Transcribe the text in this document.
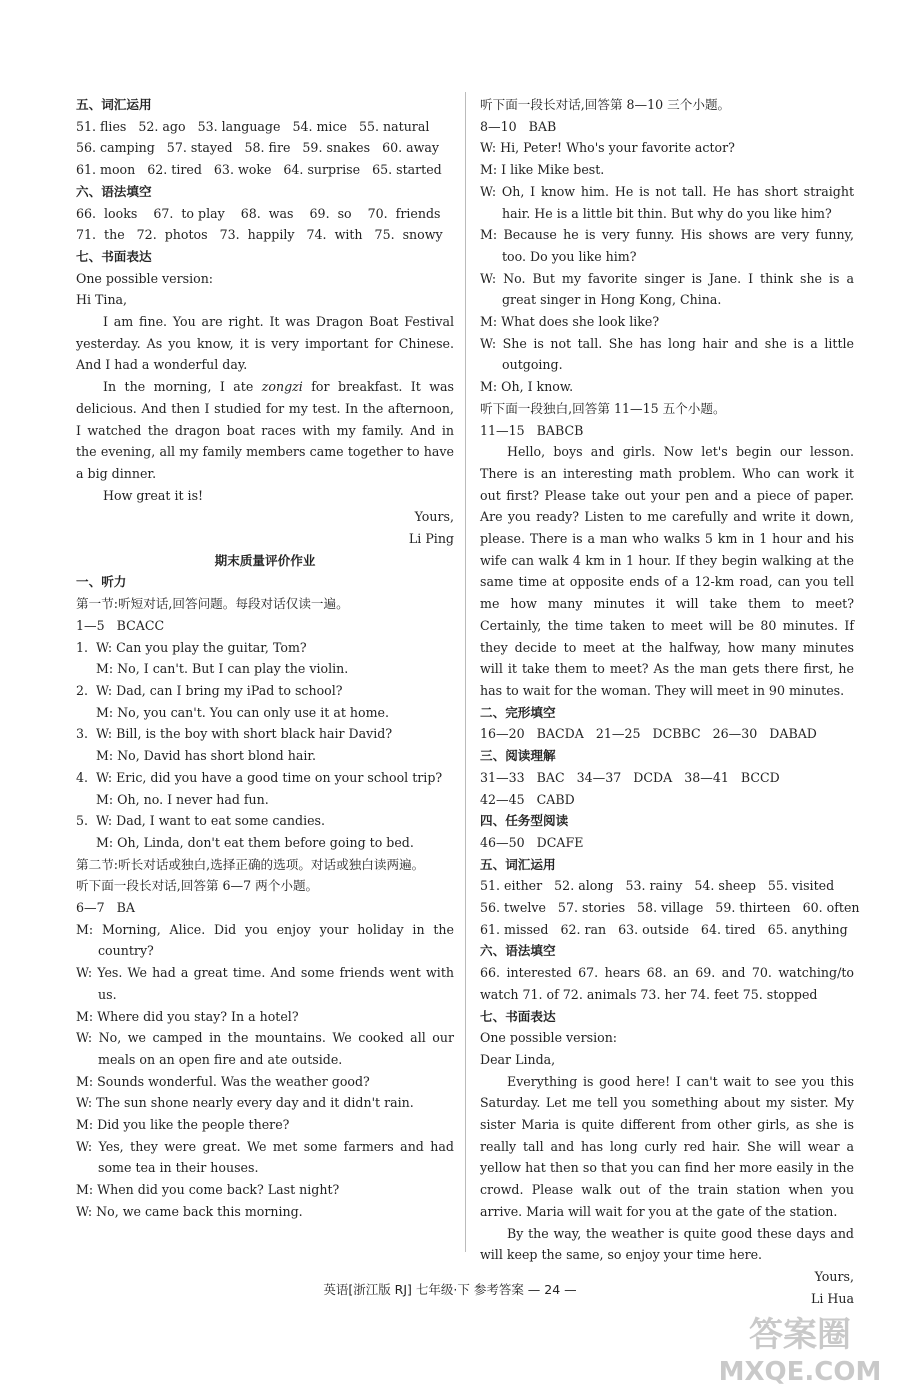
五、词汇运用
51. flies   52. ago   53. language   54. mice   55. natural
56. camping   57. stayed   58. fire   59. snakes   60. away
61. moon   62. tired   63. woke   64. surprise   65. started
六、语法填空
66.  looks    67.  to play    68.  was    69.  so    70.  friends
71.  the   72.  photos   73.  happily   74.  with   75.  snowy
七、书面表达
One possible version:
Hi Tina,
I am fine. You are right. It was Dragon Boat Festival yesterday. As you know, it is very important for Chinese. And I had a wonderful day.
In the morning, I ate zongzi for breakfast. It was delicious. And then I studied for my test. In the afternoon, I watched the dragon boat races with my family. And in the evening, all my family members came together to have a big dinner.
How great it is!
Yours,
Li Ping
期末质量评价作业
一、听力
第一节:听短对话,回答问题。每段对话仅读一遍。
1—5   BCACC
1.  W: Can you play the guitar, Tom?
M: No, I can't. But I can play the violin.
2.  W: Dad, can I bring my iPad to school?
M: No, you can't. You can only use it at home.
3.  W: Bill, is the boy with short black hair David?
M: No, David has short blond hair.
4.  W: Eric, did you have a good time on your school trip?
M: Oh, no. I never had fun.
5.  W: Dad, I want to eat some candies.
M: Oh, Linda, don't eat them before going to bed.
第二节:听长对话或独白,选择正确的选项。对话或独白读两遍。
听下面一段长对话,回答第 6—7 两个小题。
6—7   BA
M: Morning, Alice. Did you enjoy your holiday in the country?
W: Yes. We had a great time. And some friends went with us.
M: Where did you stay? In a hotel?
W: No, we camped in the mountains. We cooked all our meals on an open fire and ate outside.
M: Sounds wonderful. Was the weather good?
W: The sun shone nearly every day and it didn't rain.
M: Did you like the people there?
W: Yes, they were great. We met some farmers and had some tea in their houses.
M: When did you come back? Last night?
W: No, we came back this morning.
听下面一段长对话,回答第 8—10 三个小题。
8—10   BAB
W: Hi, Peter! Who's your favorite actor?
M: I like Mike best.
W: Oh, I know him. He is not tall. He has short straight hair. He is a little bit thin. But why do you like him?
M: Because he is very funny. His shows are very funny, too. Do you like him?
W: No. But my favorite singer is Jane. I think she is a great singer in Hong Kong, China.
M: What does she look like?
W: She is not tall. She has long hair and she is a little outgoing.
M: Oh, I know.
听下面一段独白,回答第 11—15 五个小题。
11—15   BABCB
Hello, boys and girls. Now let's begin our lesson. There is an interesting math problem. Who can work it out first? Please take out your pen and a piece of paper. Are you ready? Listen to me carefully and write it down, please. There is a man who walks 5 km in 1 hour and his wife can walk 4 km in 1 hour. If they begin walking at the same time at opposite ends of a 12-km road, can you tell me how many minutes it will take them to meet? Certainly, the time taken to meet will be 80 minutes. If they decide to meet at the halfway, how many minutes will it take them to meet? As the man gets there first, he has to wait for the woman. They will meet in 90 minutes.
二、完形填空
16—20   BACDA   21—25   DCBBC   26—30   DABAD
三、阅读理解
31—33   BAC   34—37   DCDA   38—41   BCCD
42—45   CABD
四、任务型阅读
46—50   DCAFE
五、词汇运用
51. either   52. along   53. rainy   54. sheep   55. visited
56. twelve   57. stories   58. village   59. thirteen   60. often
61. missed   62. ran   63. outside   64. tired   65. anything
六、语法填空
66. interested 67. hears 68. an 69. and 70. watching/to watch 71. of 72. animals 73. her 74. feet 75. stopped
七、书面表达
One possible version:
Dear Linda,
Everything is good here! I can't wait to see you this Saturday. Let me tell you something about my sister. My sister Maria is quite different from other girls, as she is really tall and has long curly red hair. She will wear a yellow hat then so that you can find her more easily in the crowd. Please walk out of the train station when you arrive. Maria will wait for you at the gate of the station.
By the way, the weather is quite good these days and will keep the same, so enjoy your time here.
Yours,
Li Hua
英语[浙江版 RJ] 七年级·下 参考答案 — 24 —
答案圈
MXQE.COM
